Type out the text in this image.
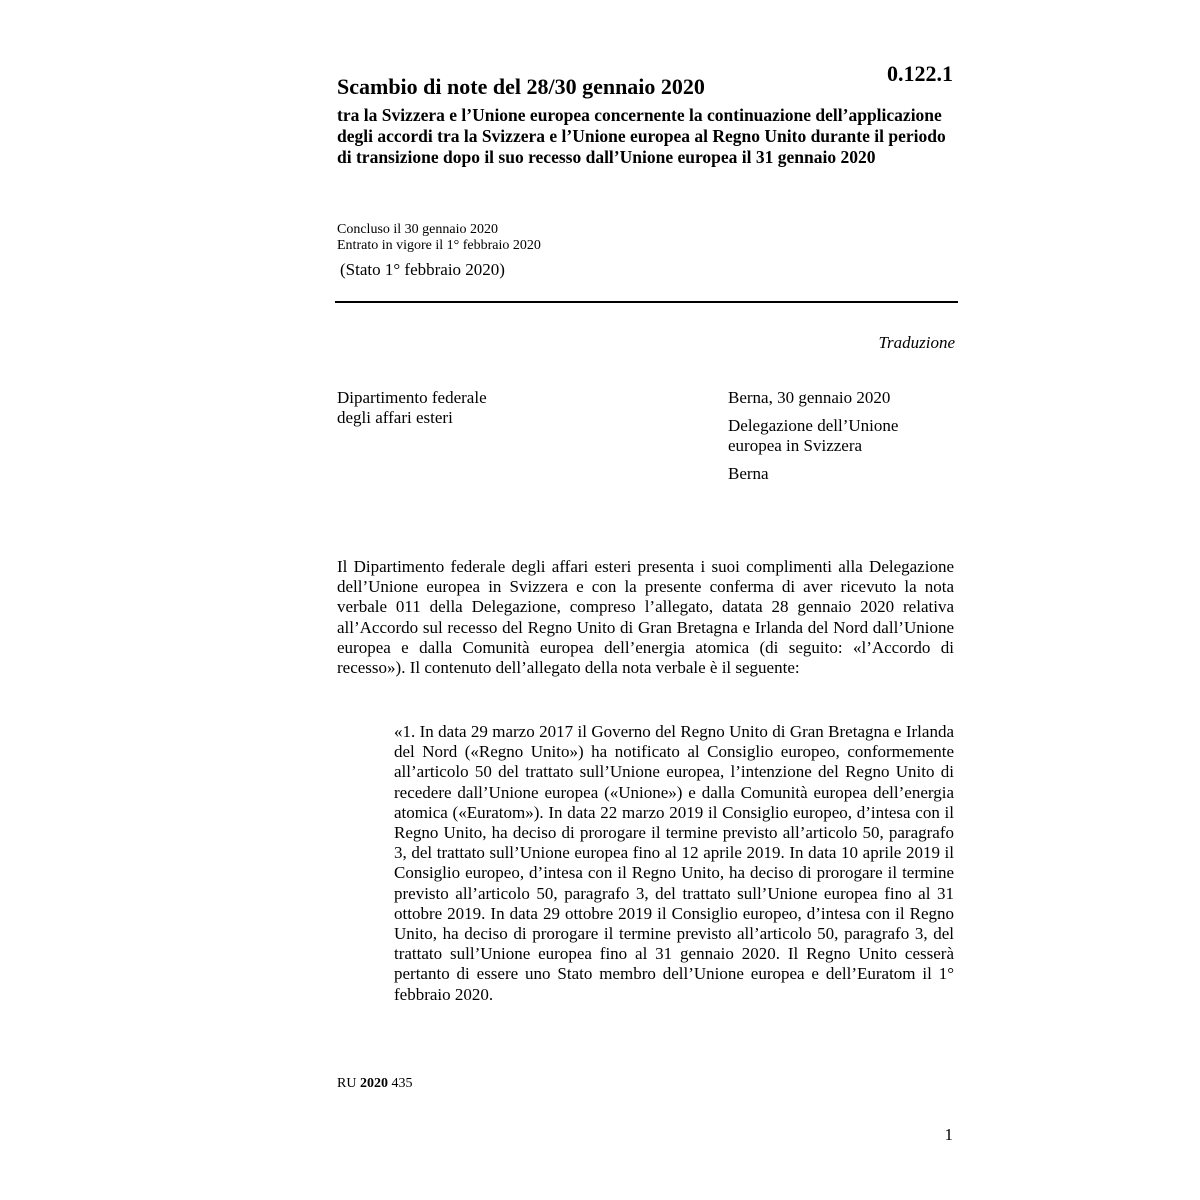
0.122.1
Scambio di note del 28/30 gennaio 2020
tra la Svizzera e l’Unione europea concernente la continuazione dell’applicazione degli accordi tra la Svizzera e l’Unione europea al Regno Unito durante il periodo di transizione dopo il suo recesso dall’Unione europea il 31 gennaio 2020
Concluso il 30 gennaio 2020
Entrato in vigore il 1° febbraio 2020
(Stato 1° febbraio 2020)
Traduzione
Dipartimento federale
degli affari esteri
Berna, 30 gennaio 2020
Delegazione dell’Unione
europea in Svizzera
Berna

Il Dipartimento federale degli affari esteri presenta i suoi complimenti alla Delegazione dell’Unione europea in Svizzera e con la presente conferma di aver ricevuto la nota verbale 011 della Delegazione, compreso l’allegato, datata 28 gennaio 2020 relativa all’Accordo sul recesso del Regno Unito di Gran Bretagna e Irlanda del Nord dall’Unione europea e dalla Comunità europea dell’energia atomica (di seguito: «l’Accordo di recesso»). Il contenuto dell’allegato della nota verbale è il seguente:

«1. In data 29 marzo 2017 il Governo del Regno Unito di Gran Bretagna e Irlanda del Nord («Regno Unito») ha notificato al Consiglio europeo, conformemente all’articolo 50 del trattato sull’Unione europea, l’intenzione del Regno Unito di recedere dall’Unione europea («Unione») e dalla Comunità europea dell’energia atomica («Euratom»). In data 22 marzo 2019 il Consiglio europeo, d’intesa con il Regno Unito, ha deciso di prorogare il termine previsto all’articolo 50, paragrafo 3, del trattato sull’Unione europea fino al 12 aprile 2019. In data 10 aprile 2019 il Consiglio europeo, d’intesa con il Regno Unito, ha deciso di prorogare il termine previsto all’articolo 50, paragrafo 3, del trattato sull’Unione europea fino al 31 ottobre 2019. In data 29 ottobre 2019 il Consiglio europeo, d’intesa con il Regno Unito, ha deciso di prorogare il termine previsto all’articolo 50, paragrafo 3, del trattato sull’Unione europea fino al 31 gennaio 2020. Il Regno Unito cesserà pertanto di essere uno Stato membro dell’Unione europea e dell’Euratom il 1° febbraio 2020.

RU 2020 435
1
